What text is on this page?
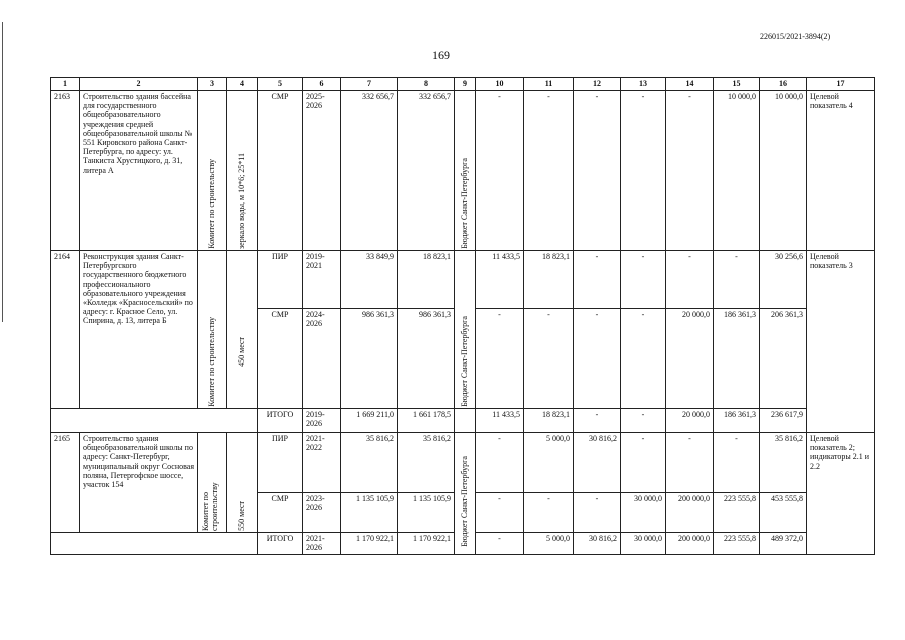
226015/2021-3894(2)
169
1	2	3	4	5	6	7	8	9	10	11	12	13	14	15	16	17
2163	Строительство здания бассейна для государственного общеобразовательного учреждения средней общеобразовательной школы № 551 Кировского района Санкт-Петербурга, по адресу: ул. Танкиста Хрустицкого, д. 31, литера А	Комитет по строительству	зеркало воды, м 10*6; 25*11	СМР	2025-2026	332 656,7	332 656,7	Бюджет Санкт-Петербурга	-	-	-	-	-	10 000,0	10 000,0	Целевой показатель 4
2164	Реконструкция здания Санкт-Петербургского государственного бюджетного профессионального образовательного учреждения «Колледж «Красносельский» по адресу: г. Красное Село, ул. Спирина, д. 13, литера Б	Комитет по строительству	450 мест	ПИР	2019-2021	33 849,9	18 823,1	Бюджет Санкт-Петербурга	11 433,5	18 823,1	-	-	-	-	30 256,6	Целевой показатель 3
				СМР	2024-2026	986 361,3	986 361,3		-	-	-	-	20 000,0	186 361,3	206 361,3	
				ИТОГО	2019-2026	1 669 211,0	1 661 178,5		11 433,5	18 823,1	-	-	20 000,0	186 361,3	236 617,9	
2165	Строительство здания общеобразовательной школы по адресу: Санкт-Петербург, муниципальный округ Сосновая поляна, Петергофское шоссе, участок 154	Комитет по строительству	550 мест	ПИР	2021-2022	35 816,2	35 816,2	Бюджет Санкт-Петербурга	-	5 000,0	30 816,2	-	-	-	35 816,2	Целевой показатель 2; индикаторы 2.1 и 2.2
				СМР	2023-2026	1 135 105,9	1 135 105,9		-	-	-	30 000,0	200 000,0	223 555,8	453 555,8	
				ИТОГО	2021-2026	1 170 922,1	1 170 922,1		-	5 000,0	30 816,2	30 000,0	200 000,0	223 555,8	489 372,0	
